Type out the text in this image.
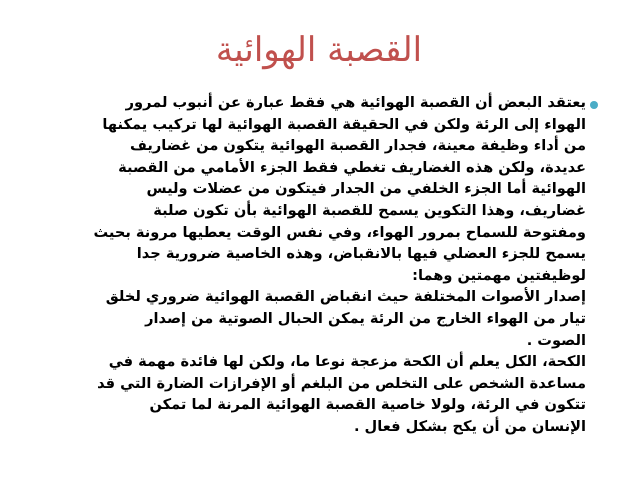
القصبة الهوائية
يعتقد البعض أن القصبة الهوائية هي فقط عبارة عن أنبوب لمرور
الهواء إلى الرئة ولكن في الحقيقة القصبة الهوائية لها تركيب يمكنها
من أداء وظيفة معينة، فجدار القصبة الهوائية يتكون من غضاريف
عديدة، ولكن هذه الغضاريف تغطي فقط الجزء الأمامي من القصبة
الهوائية أما الجزء الخلفي من الجدار فيتكون من عضلات وليس
غضاريف، وهذا التكوين يسمح للقصبة الهوائية بأن تكون صلبة
ومفتوحة للسماح بمرور الهواء، وفي نفس الوقت يعطيها مرونة بحيث
يسمح للجزء العضلي فيها بالانقباض، وهذه الخاصية ضرورية جدا
لوظيفتين مهمتين وهما:
إصدار الأصوات المختلفة حيث انقباض القصبة الهوائية ضروري لخلق
تيار من الهواء الخارج من الرئة يمكن الحبال الصوتية من إصدار
الصوت .
الكحة، الكل يعلم أن الكحة مزعجة نوعا ما، ولكن لها فائدة مهمة في
مساعدة الشخص على التخلص من البلغم أو الإفرازات الضارة التي قد
تتكون في الرئة، ولولا خاصية القصبة الهوائية المرنة لما تمكن
الإنسان من أن يكح بشكل فعال .
